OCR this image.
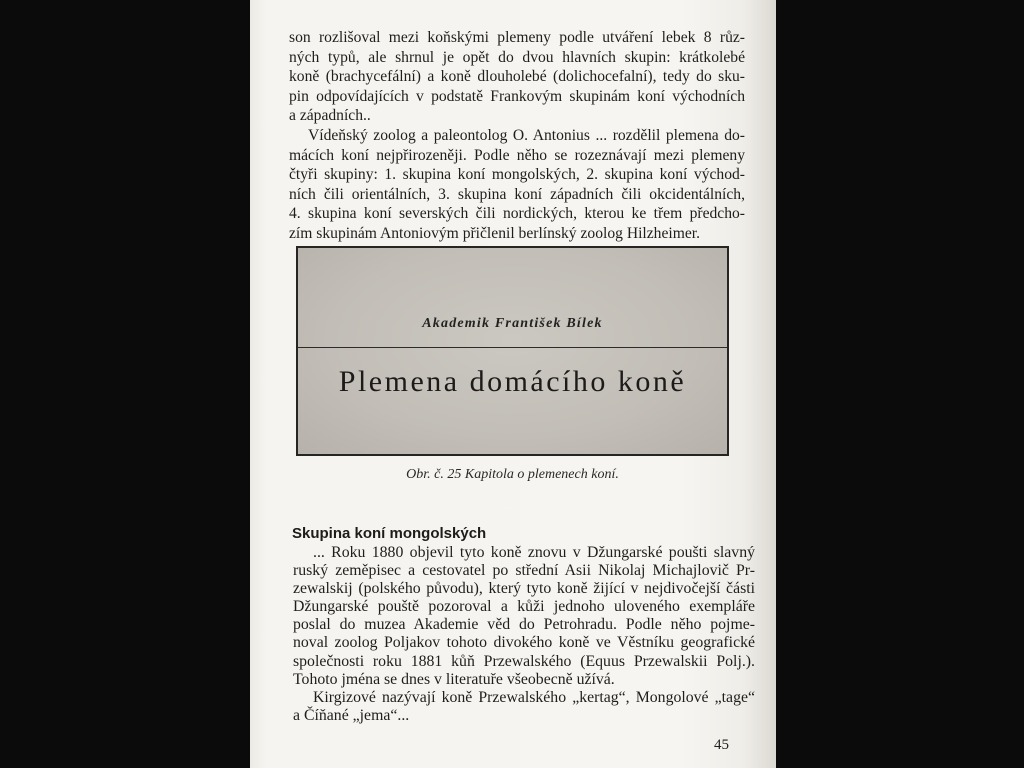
son rozlišoval mezi koňskými plemeny podle utváření lebek 8 růz-
ných typů, ale shrnul je opět do dvou hlavních skupin: krátkolebé
koně (brachycefální) a koně dlouholebé (dolichocefalní), tedy do sku-
pin odpovídajících v podstatě Frankovým skupinám koní východních
a západních..

Vídeňský zoolog a paleontolog O. Antonius ... rozdělil plemena do-
mácích koní nejpřirozeněji. Podle něho se rozeznávají mezi plemeny
čtyři skupiny: 1. skupina koní mongolských, 2. skupina koní východ-
ních čili orientálních, 3. skupina koní západních čili okcidentálních,
4. skupina koní severských čili nordických, kterou ke třem předcho-
zím skupinám Antoniovým přičlenil berlínský zoolog Hilzheimer.

Akademik František Bílek
Plemena domácího koně
Obr. č. 25 Kapitola o plemenech koní.
Skupina koní mongolských

... Roku 1880 objevil tyto koně znovu v Džungarské poušti slavný
ruský zeměpisec a cestovatel po střední Asii Nikolaj Michajlovič Pr-
zewalskij (polského původu), který tyto koně žijící v nejdivočejší části
Džungarské pouště pozoroval a kůži jednoho uloveného exempláře
poslal do muzea Akademie věd do Petrohradu. Podle něho pojme-
noval zoolog Poljakov tohoto divokého koně ve Věstníku geografické
společnosti roku 1881 kůň Przewalského (Equus Przewalskii Polj.).
Tohoto jména se dnes v literatuře všeobecně užívá.

Kirgizové nazývají koně Przewalského „kertag“, Mongolové „tage“
a Číňané „jema“...

45
